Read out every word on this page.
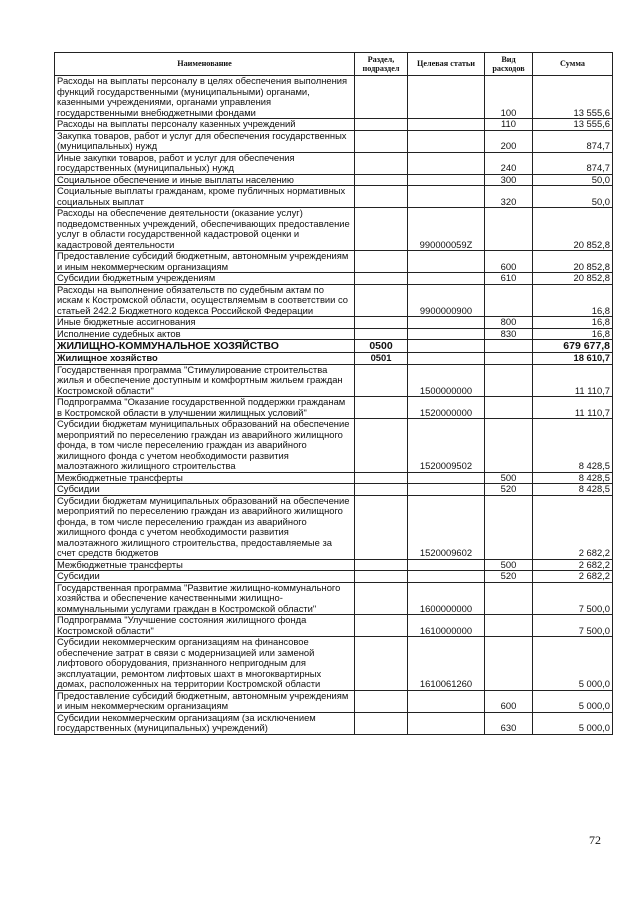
Наименование	Раздел, подраздел	Целевая статьи	Вид расходов	Сумма
Расходы на выплаты персоналу в целях обеспечения выполнения функций государственными (муниципальными) органами, казенными учреждениями, органами управления государственными внебюджетными фондами			100	13 555,6
Расходы на выплаты персоналу казенных учреждений			110	13 555,6
Закупка товаров, работ и услуг для обеспечения государственных (муниципальных) нужд			200	874,7
Иные закупки товаров, работ и услуг для обеспечения государственных (муниципальных) нужд			240	874,7
Социальное обеспечение и иные выплаты населению			300	50,0
Социальные выплаты гражданам, кроме публичных нормативных социальных выплат			320	50,0
Расходы на обеспечение деятельности (оказание услуг) подведомственных учреждений, обеспечивающих предоставление услуг в области государственной кадастровой оценки и кадастровой деятельности		990000059Z		20 852,8
Предоставление субсидий бюджетным, автономным учреждениям и иным некоммерческим организациям			600	20 852,8
Субсидии бюджетным учреждениям			610	20 852,8
Расходы на выполнение обязательств по судебным актам по искам к Костромской области, осуществляемым в соответствии со статьей 242.2 Бюджетного кодекса Российской Федерации		9900000900		16,8
Иные бюджетные ассигнования			800	16,8
Исполнение судебных актов			830	16,8
ЖИЛИЩНО-КОММУНАЛЬНОЕ ХОЗЯЙСТВО	0500			679 677,8
Жилищное хозяйство	0501			18 610,7
Государственная программа "Стимулирование строительства жилья и обеспечение доступным и комфортным жильем граждан Костромской области"		1500000000		11 110,7
Подпрограмма "Оказание государственной поддержки гражданам в Костромской области в улучшении жилищных условий"		1520000000		11 110,7
Субсидии бюджетам муниципальных образований на обеспечение мероприятий по переселению граждан из аварийного жилищного фонда, в том числе переселению граждан из аварийного жилищного фонда с учетом необходимости развития малоэтажного жилищного строительства		1520009502		8 428,5
Межбюджетные трансферты			500	8 428,5
Субсидии			520	8 428,5
Субсидии бюджетам муниципальных образований на обеспечение мероприятий по переселению граждан из аварийного жилищного фонда, в том числе переселению граждан из аварийного жилищного фонда с учетом необходимости развития малоэтажного жилищного строительства, предоставляемые за счет средств бюджетов		1520009602		2 682,2
Межбюджетные трансферты			500	2 682,2
Субсидии			520	2 682,2
Государственная программа "Развитие жилищно-коммунального хозяйства и обеспечение качественными жилищно-коммунальными услугами граждан в Костромской области"		1600000000		7 500,0
Подпрограмма "Улучшение состояния жилищного фонда Костромской области"		1610000000		7 500,0
Субсидии некоммерческим организациям на финансовое обеспечение затрат в связи с модернизацией или заменой лифтового оборудования, признанного непригодным для эксплуатации, ремонтом лифтовых шахт в многоквартирных домах, расположенных на территории Костромской области		1610061260		5 000,0
Предоставление субсидий бюджетным, автономным учреждениям и иным некоммерческим организациям			600	5 000,0
Субсидии некоммерческим организациям (за исключением государственных (муниципальных) учреждений)			630	5 000,0
72
